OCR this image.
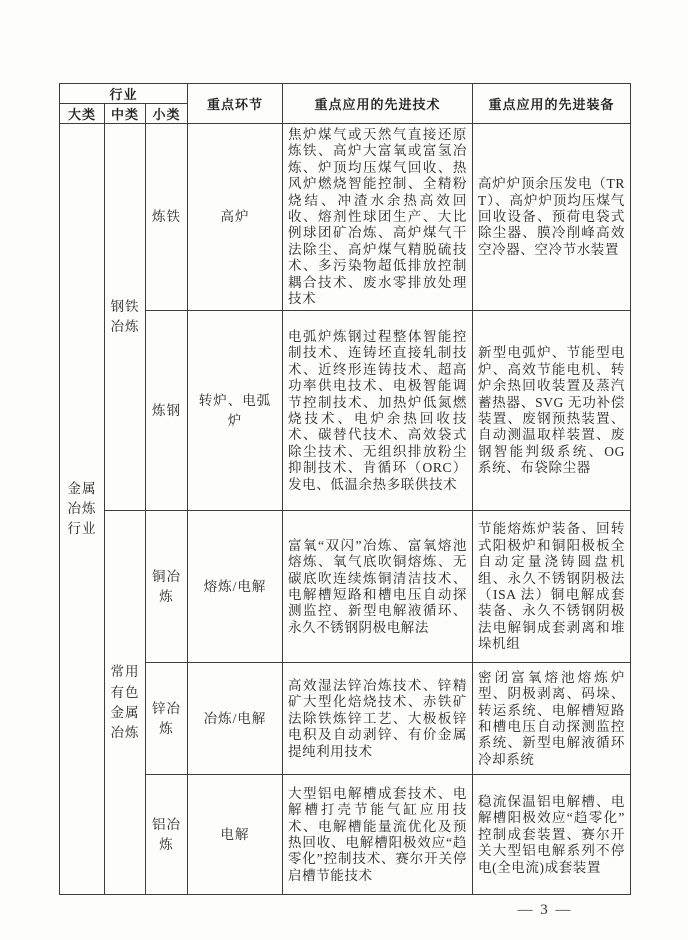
行业			重点环节	重点应用的先进技术	重点应用的先进装备
大类	中类	小类			
金属冶炼行业	钢铁冶炼	炼铁	高炉	焦炉煤气或天然气直接还原炼铁、高炉大富氧或富氢冶炼、炉顶均压煤气回收、热风炉燃烧智能控制、全精粉烧结、冲渣水余热高效回收、熔剂性球团生产、大比例球团矿冶炼、高炉煤气干法除尘、高炉煤气精脱硫技术、多污染物超低排放控制耦合技术、废水零排放处理技术	高炉炉顶余压发电（TRT）、高炉炉顶均压煤气回收设备、预荷电袋式除尘器、膜冷削峰高效空冷器、空冷节水装置
		炼钢	转炉、电弧炉	电弧炉炼钢过程整体智能控制技术、连铸坯直接轧制技术、近终形连铸技术、超高功率供电技术、电极智能调节控制技术、加热炉低氮燃烧技术、电炉余热回收技术、碳替代技术、高效袋式除尘技术、无组织排放粉尘抑制技术、肯循环（ORC）发电、低温余热多联供技术	新型电弧炉、节能型电炉、高效节能电机、转炉余热回收装置及蒸汽蓄热器、SVG 无功补偿装置、废钢预热装置、自动测温取样装置、废钢智能判级系统、OG 系统、布袋除尘器
	常用有色金属冶炼	铜冶炼	熔炼/电解	富氧“双闪”冶炼、富氧熔池熔炼、氧气底吹铜熔炼、无碳底吹连续炼铜清洁技术、电解槽短路和槽电压自动探测监控、新型电解液循环、永久不锈钢阴极电解法	节能熔炼炉装备、回转式阳极炉和铜阳极板全自动定量浇铸圆盘机组、永久不锈钢阴极法（ISA 法）铜电解成套装备、永久不锈钢阴极法电解铜成套剥离和堆垛机组
		锌冶炼	冶炼/电解	高效湿法锌冶炼技术、锌精矿大型化焙烧技术、赤铁矿法除铁炼锌工艺、大极板锌电积及自动剥锌、有价金属提纯利用技术	密闭富氧熔池熔炼炉型、阴极剥离、码垛、转运系统、电解槽短路和槽电压自动探测监控系统、新型电解液循环冷却系统
		铝冶炼	电解	大型铝电解槽成套技术、电解槽打壳节能气缸应用技术、电解槽能量流优化及预热回收、电解槽阳极效应“趋零化”控制技术、赛尔开关停启槽节能技术	稳流保温铝电解槽、电解槽阳极效应“趋零化”控制成套装置、赛尔开关大型铝电解系列不停电(全电流)成套装置
— 3 —
